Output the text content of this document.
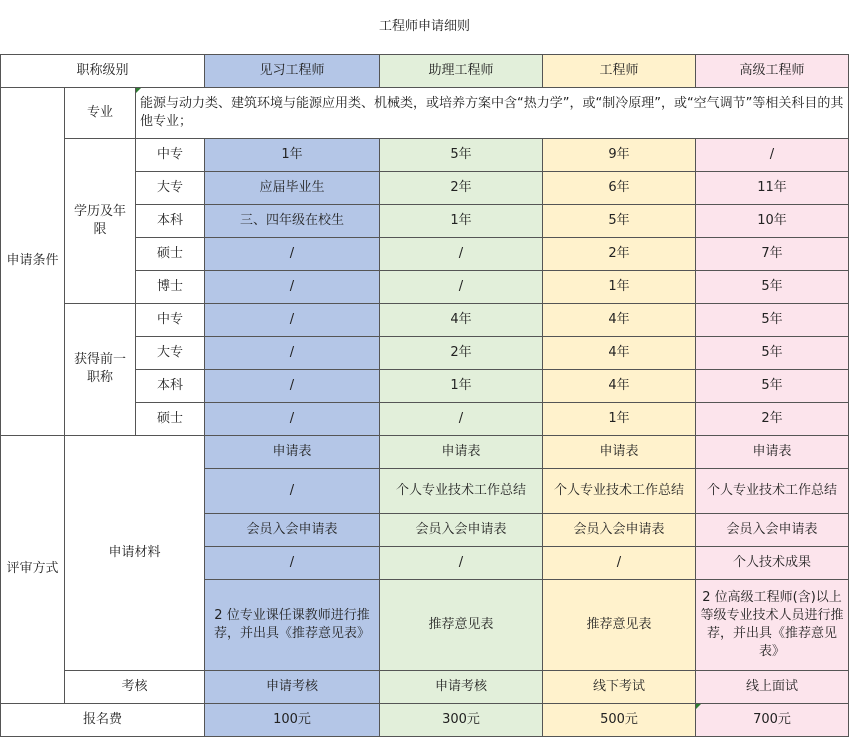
工程师申请细则						
职称级别			见习工程师	助理工程师	工程师	高级工程师
申请条件	专业	能源与动力类、建筑环境与能源应用类、机械类，或培养方案中含“热力学”，或“制冷原理”，或“空气调节”等相关科目的其他专业；				
	学历及年限	中专	1年	5年	9年	/
		大专	应届毕业生	2年	6年	11年
		本科	三、四年级在校生	1年	5年	10年
		硕士	/	/	2年	7年
		博士	/	/	1年	5年
	获得前一职称	中专	/	4年	4年	5年
		大专	/	2年	4年	5年
		本科	/	1年	4年	5年
		硕士	/	/	1年	2年
评审方式	申请材料		申请表	申请表	申请表	申请表
			/	个人专业技术工作总结	个人专业技术工作总结	个人专业技术工作总结
			会员入会申请表	会员入会申请表	会员入会申请表	会员入会申请表
			/	/	/	个人技术成果
			2 位专业课任课教师进行推荐，并出具《推荐意见表》	推荐意见表	推荐意见表	2 位高级工程师(含)以上等级专业技术人员进行推荐，并出具《推荐意见表》
	考核		申请考核	申请考核	线下考试	线上面试
报名费			100元	300元	500元	700元
